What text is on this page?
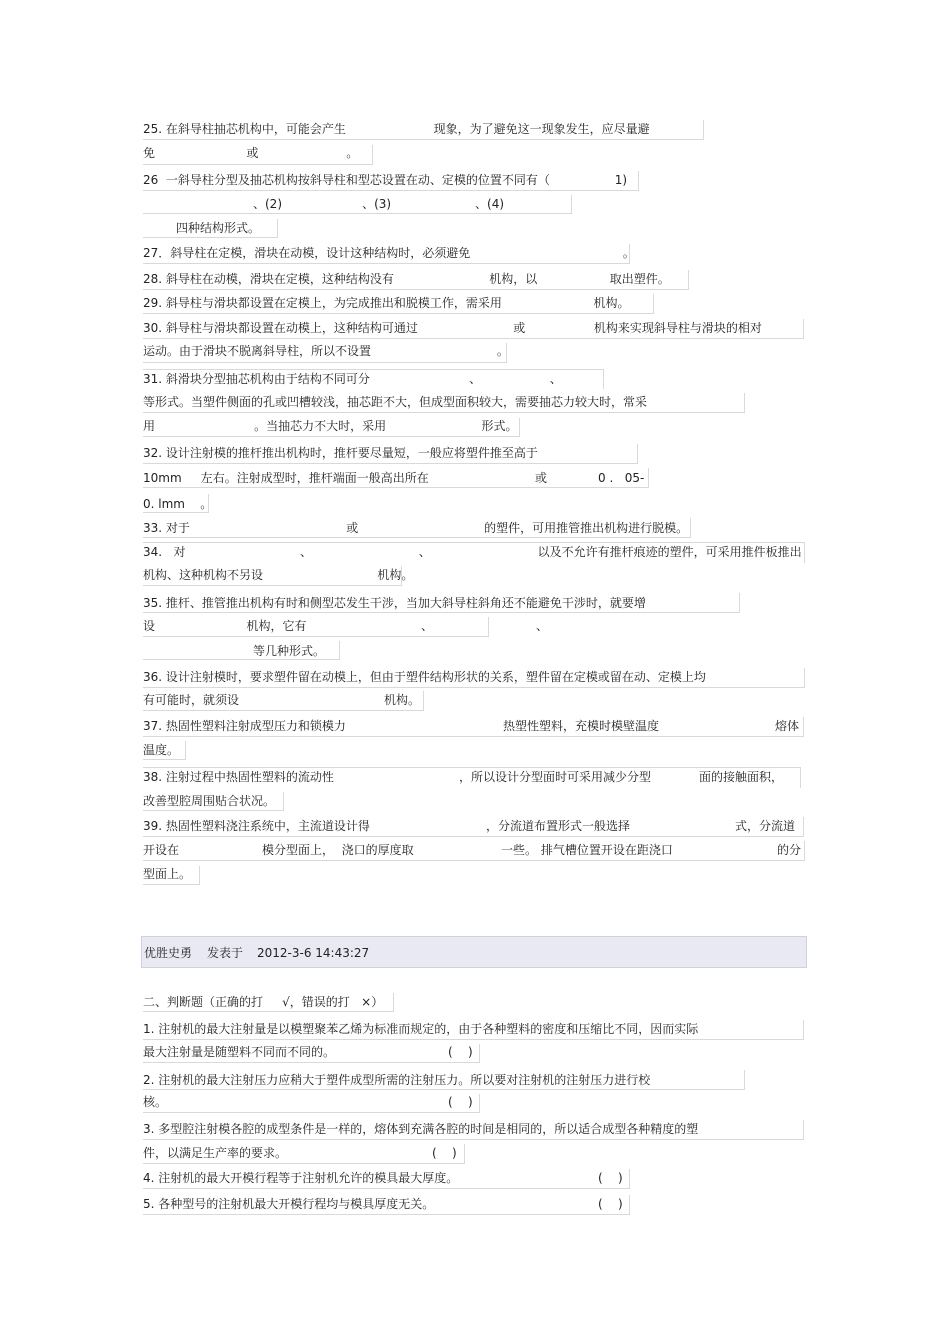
25. 在斜导柱抽芯机构中，可能会产生                       现象，为了避免这一现象发生，应尽量避
免                        或                       。
26  一斜导柱分型及抽芯机构按斜导柱和型芯设置在动、定模的位置不同有（                 1)
、(2)                     、(3)                      、(4)
四种结构形式。
27．斜导柱在定模，滑块在动模，设计这种结构时，必须避免                                        。
28. 斜导柱在动模，滑块在定模，这种结构没有                         机构，以                   取出塑件。
29. 斜导柱与滑块都设置在定模上，为完成推出和脱模工作，需采用                        机构。
30. 斜导柱与滑块都设置在动模上，这种结构可通过                         或                  机构来实现斜导柱与滑块的相对
运动。由于滑块不脱离斜导柱，所以不设置                                 。
31. 斜滑块分型抽芯机构由于结构不同可分                          、                  、
等形式。当塑件侧面的孔或凹槽较浅，抽芯距不大，但成型面积较大，需要抽芯力较大时，常采
用                          。当抽芯力不大时，采用                         形式。
32. 设计注射模的推杆推出机构时，推杆要尽量短，一般应将塑件推至高于
10mm     左右。注射成型时，推杆端面一般高出所在	或	0 .   05-
0. lmm    。
33. 对于                                         或                                 的塑件，可用推管推出机构进行脱模。
34.   对                              、                            、                            以及不允许有推杆痕迹的塑件，可采用推件板推出
机构、这种机构不另设                              机构。
35. 推杆、推管推出机构有时和侧型芯发生干涉，当加大斜导柱斜角还不能避免干涉时，就要增
设                        机构，它有                              、                           、
等几种形式。
36. 设计注射模时，要求塑件留在动模上，但由于塑件结构形状的关系，塑件留在定模或留在动、定模上均
有可能时，就须设                                      机构。
37. 热固性塑料注射成型压力和锁模力	热塑性塑料，充模时模壁温度	熔体
温度。
38. 注射过程中热固性塑料的流动性	，所以设计分型面时可采用减少分型	面的接触面积，
改善型腔周围贴合状况。
39. 热固性塑料浇注系统中，主流道设计得	，分流道布置形式一般选择	式，分流道
开设在	模分型面上，  浇口的厚度取	一些。 排气槽位置开设在距浇口	的分
型面上。
优胜史勇 发表于 2012-3-6 14:43:27
二、判断题（正确的打     √，错误的打   ×）
1. 注射机的最大注射量是以模塑聚苯乙烯为标准而规定的，由于各种塑料的密度和压缩比不同，因而实际
最大注射量是随塑料不同而不同的。	(    )
2. 注射机的最大注射压力应稍大于塑件成型所需的注射压力。所以要对注射机的注射压力进行校
核。	(    )
3. 多型腔注射模各腔的成型条件是一样的，熔体到充满各腔的时间是相同的，所以适合成型各种精度的塑
件，以满足生产率的要求。	(    )
4. 注射机的最大开模行程等于注射机允许的模具最大厚度。	(    )
5. 各种型号的注射机最大开模行程均与模具厚度无关。	(    )
